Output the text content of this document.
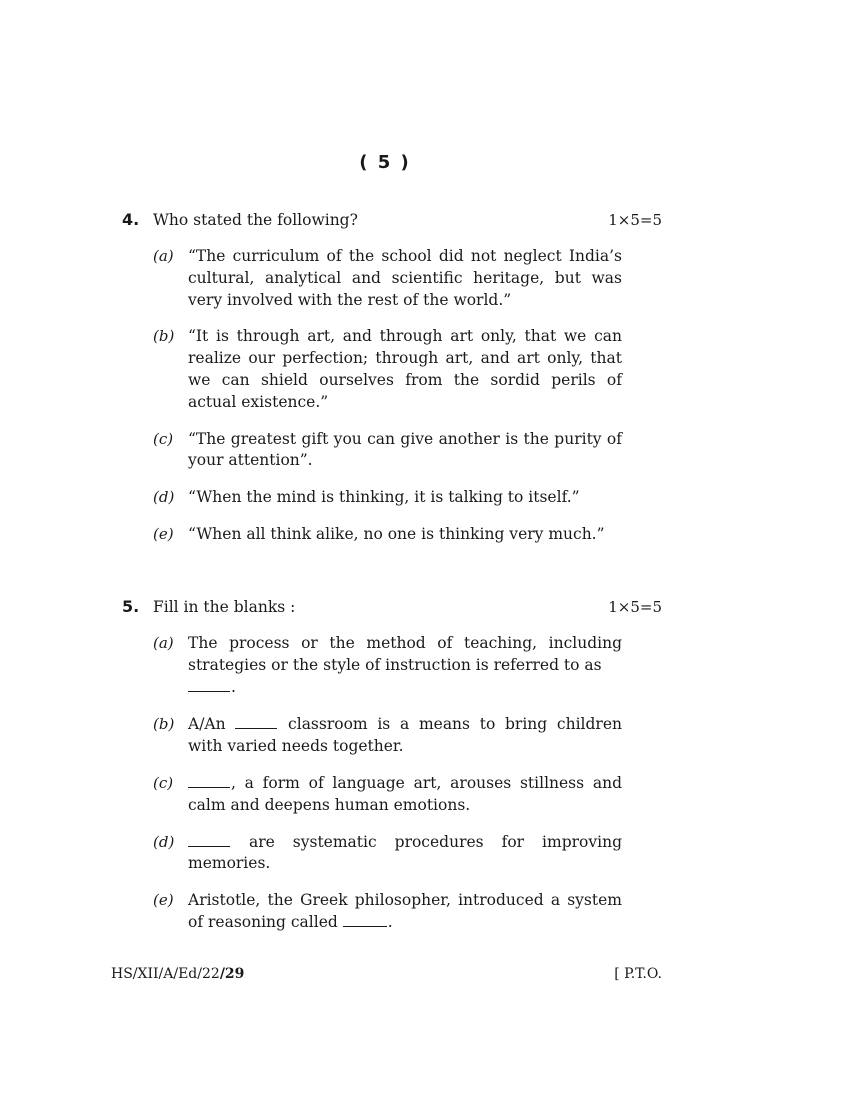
( 5 )
4. Who stated the following?	1×5=5
(a) “The curriculum of the school did not neglect India’s cultural, analytical and scientific heritage, but was very involved with the rest of the world.”
(b) “It is through art, and through art only, that we can realize our perfection; through art, and art only, that we can shield ourselves from the sordid perils of actual existence.”
(c) “The greatest gift you can give another is the purity of your attention”.
(d) “When the mind is thinking, it is talking to itself.”
(e) “When all think alike, no one is thinking very much.”
5. Fill in the blanks :	1×5=5
(a) The process or the method of teaching, including strategies or the style of instruction is referred to as
.
(b) A/An	classroom is a means to bring children with varied needs together.
(c)	, a form of language art, arouses stillness and calm and deepens human emotions.
(d)	are systematic procedures for improving memories.
(e) Aristotle, the Greek philosopher, introduced a system of reasoning called	.
HS/XII/A/Ed/22/29	[ P.T.O.
